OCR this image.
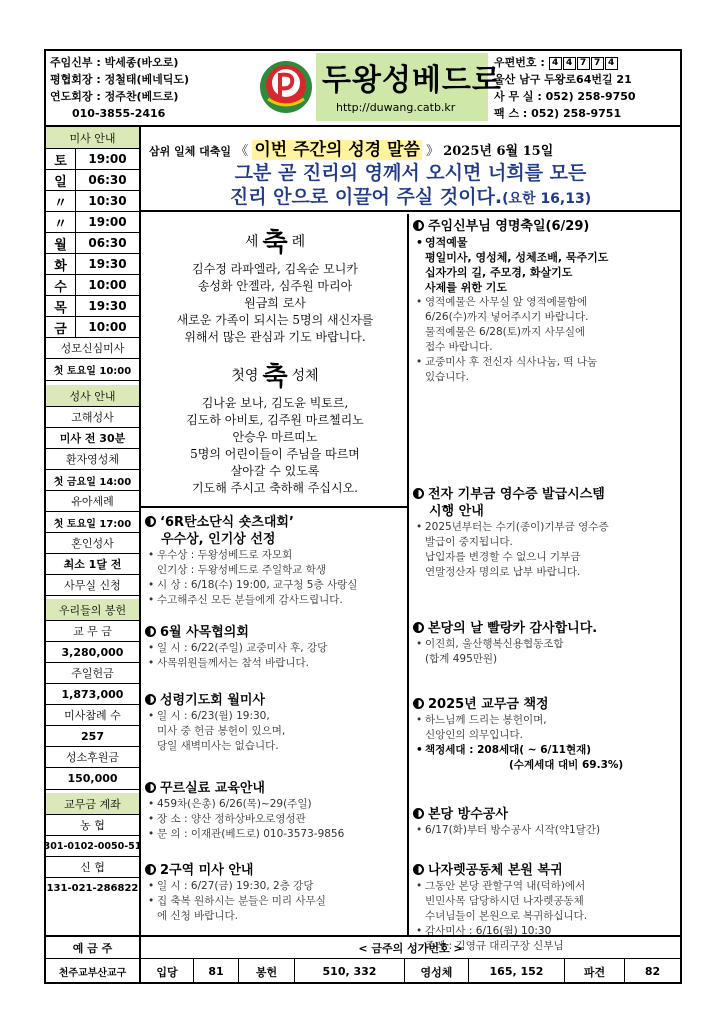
주임신부 : 박세종(바오로)
평협회장 : 정철태(베네딕도)
연도회장 : 정주찬(베드로)
010-3855-2416
두왕성베드로
http://duwang.catb.kr
우편번호 : 4 4 7 7 4
울산 남구 두왕로64번길 21
사 무 실 : 052) 258-9750
팩 스 : 052) 258-9751
미사 안내
토	19:00
일	06:30
〃	10:30
〃	19:00
월	06:30
화	19:30
수	10:00
목	19:30
금	10:00
성모신심미사
첫 토요일 10:00
성사 안내
고해성사
미사 전 30분
환자영성체
첫 금요일 14:00
유아세례
첫 토요일 17:00
혼인성사
최소 1달 전
사무실 신청
우리들의 봉헌
교 무 금
3,280,000
주일헌금
1,873,000
미사참례 수
257
성소후원금
150,000
교무금 계좌
농 협
301-0102-0050-51
신 협
131-021-286822
삼위 일체 대축일 《 이번 주간의 성경 말씀 》 2025년 6월 15일
그분 곧 진리의 영께서 오시면 너희를 모든
진리 안으로 이끌어 주실 것이다.(요한 16,13)
세 축 례
김수정 라파엘라, 김옥순 모니카
송성화 안젤라, 심주원 마리아
원금희 로사
새로운 가족이 되시는 5명의 새신자를
위해서 많은 관심과 기도 바랍니다.
첫영 축 성체
김나윤 보나, 김도윤 빅토르,
김도하 아비토, 김주원 마르첼리노
안승우 마르띠노
5명의 어린이들이 주님을 따르며
살아갈 수 있도록
기도해 주시고 축하해 주십시오.
‘6R탄소단식 숏츠대회’
우수상, 인기상 선정
• 우수상 : 두왕성베드로 자모회
인기상 : 두왕성베드로 주일학교 학생
• 시 상 : 6/18(수) 19:00, 교구청 5층 사랑실
• 수고해주신 모든 분들에게 감사드립니다.
6월 사목협의회
• 일 시 : 6/22(주일) 교중미사 후, 강당
• 사목위원들께서는 참석 바랍니다.
성령기도회 월미사
• 일 시 : 6/23(월) 19:30,
미사 중 헌금 봉헌이 있으며,
당일 새벽미사는 없습니다.
꾸르실료 교육안내
• 459차(은총) 6/26(목)~29(주일)
• 장 소 : 양산 정하상바오로영성관
• 문 의 : 이재관(베드로) 010-3573-9856
2구역 미사 안내
• 일 시 : 6/27(금) 19:30, 2층 강당
• 집 축복 원하시는 분들은 미리 사무실
에 신청 바랍니다.
주임신부님 영명축일(6/29)
• 영적예물
평일미사, 영성체, 성체조배, 묵주기도
십자가의 길, 주모경, 화살기도
사제를 위한 기도
• 영적예물은 사무실 앞 영적예물함에
6/26(수)까지 넣어주시기 바랍니다.
물적예물은 6/28(토)까지 사무실에
접수 바랍니다.
• 교중미사 후 전신자 식사나눔, 떡 나눔
있습니다.
전자 기부금 영수증 발급시스템
시행 안내
• 2025년부터는 수기(종이)기부금 영수증
발급이 중지됩니다.
납입자를 변경할 수 없으니 기부금
연말정산자 명의로 납부 바랍니다.
본당의 날 빨랑카 감사합니다.
• 이진희, 울산행복신용협동조합
(합계 495만원)
2025년 교무금 책정
• 하느님께 드리는 봉헌이며,
신앙인의 의무입니다.
• 책정세대 : 208세대( ~ 6/11현재)
(수계세대 대비 69.3%)
본당 방수공사
• 6/17(화)부터 방수공사 시작(약1달간)
나자렛공동체 본원 복귀
• 그동안 본당 관할구역 내(덕하)에서
빈민사목 담당하시던 나자렛공동체
수녀님들이 본원으로 복귀하십니다.
• 감사미사 : 6/16(월) 10:30
주례 : 김영규 대리구장 신부님
예 금 주	< 금주의 성가번호 >
천주교부산교구	입당	81	봉헌	510, 332	영성체	165, 152	파견	82
